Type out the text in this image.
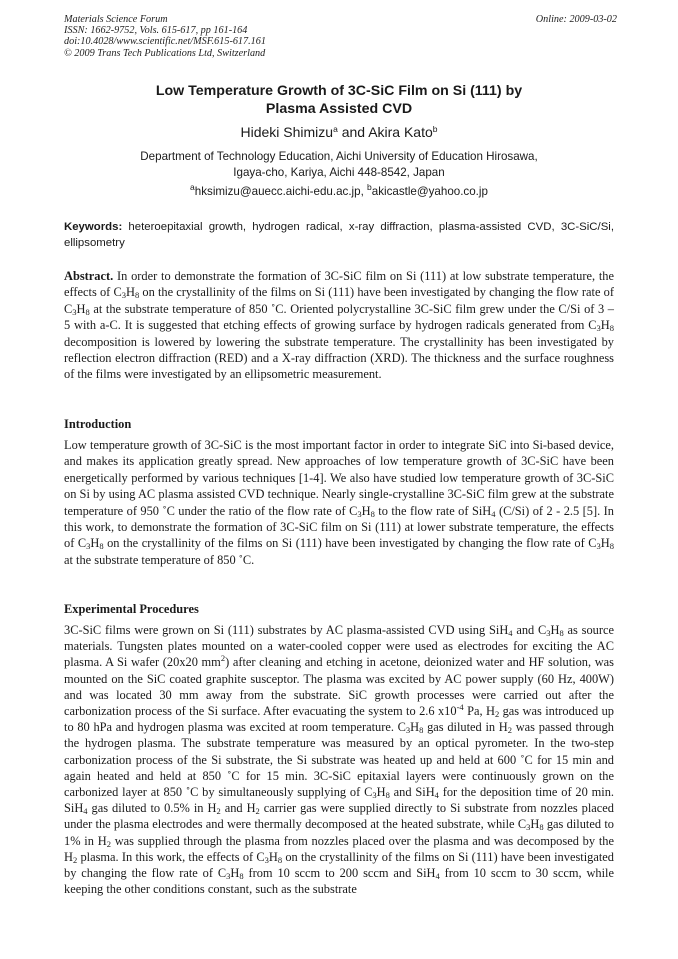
Materials Science Forum
ISSN: 1662-9752, Vols. 615-617, pp 161-164
doi:10.4028/www.scientific.net/MSF.615-617.161
© 2009 Trans Tech Publications Ltd, Switzerland
Online: 2009-03-02
Low Temperature Growth of 3C-SiC Film on Si (111) by
Plasma Assisted CVD
Hideki Shimizu$^a$ and Akira Kato$^b$
Department of Technology Education, Aichi University of Education Hirosawa,
Igaya-cho, Kariya, Aichi 448-8542, Japan
$^a$hksimizu@auecc.aichi-edu.ac.jp, $^b$akicastle@yahoo.co.jp
Keywords: heteroepitaxial growth, hydrogen radical, x-ray diffraction, plasma-assisted CVD, 3C-SiC/Si, ellipsometry
Abstract. In order to demonstrate the formation of 3C-SiC film on Si (111) at low substrate temperature, the effects of $C_3H_8$ on the crystallinity of the films on Si (111) have been investigated by changing the flow rate of $C_3H_8$ at the substrate temperature of 850 ˚C. Oriented polycrystalline 3C-SiC film grew under the C/Si of 3 – 5 with a-C. It is suggested that etching effects of growing surface by hydrogen radicals generated from $C_3H_8$ decomposition is lowered by lowering the substrate temperature. The crystallinity has been investigated by reflection electron diffraction (RED) and a X-ray diffraction (XRD). The thickness and the surface roughness of the films were investigated by an ellipsometric measurement.
Introduction
Low temperature growth of 3C-SiC is the most important factor in order to integrate SiC into Si-based device, and makes its application greatly spread. New approaches of low temperature growth of 3C-SiC have been energetically performed by various techniques [1-4]. We also have studied low temperature growth of 3C-SiC on Si by using AC plasma assisted CVD technique. Nearly single-crystalline 3C-SiC film grew at the substrate temperature of 950 ˚C under the ratio of the flow rate of $C_3H_8$ to the flow rate of SiH$_4$ (C/Si) of 2 - 2.5 [5]. In this work, to demonstrate the formation of 3C-SiC film on Si (111) at lower substrate temperature, the effects of $C_3H_8$ on the crystallinity of the films on Si (111) have been investigated by changing the flow rate of $C_3H_8$ at the substrate temperature of 850 ˚C.
Experimental Procedures
3C-SiC films were grown on Si (111) substrates by AC plasma-assisted CVD using SiH$_4$ and $C_3H_8$ as source materials. Tungsten plates mounted on a water-cooled copper were used as electrodes for exciting the AC plasma. A Si wafer (20x20 $mm^2$) after cleaning and etching in acetone, deionized water and HF solution, was mounted on the SiC coated graphite susceptor. The plasma was excited by AC power supply (60 Hz, 400W) and was located 30 mm away from the substrate. SiC growth processes were carried out after the carbonization process of the Si surface. After evacuating the system to 2.6 $x10^{-4}$ Pa, $H_2$ gas was introduced up to 80 hPa and hydrogen plasma was excited at room temperature. $C_3H_8$ gas diluted in $H_2$ was passed through the hydrogen plasma. The substrate temperature was measured by an optical pyrometer. In the two-step carbonization process of the Si substrate, the Si substrate was heated up and held at 600 ˚C for 15 min and again heated and held at 850 ˚C for 15 min. 3C-SiC epitaxial layers were continuously grown on the carbonized layer at 850 ˚C by simultaneously supplying of $C_3H_8$ and SiH$_4$ for the deposition time of 20 min. SiH$_4$ gas diluted to 0.5% in $H_2$ and $H_2$ carrier gas were supplied directly to Si substrate from nozzles placed under the plasma electrodes and were thermally decomposed at the heated substrate, while $C_3H_8$ gas diluted to 1% in $H_2$ was supplied through the plasma from nozzles placed over the plasma and was decomposed by the $H_2$ plasma. In this work, the effects of $C_3H_8$ on the crystallinity of the films on Si (111) have been investigated by changing the flow rate of $C_3H_8$ from 10 sccm to 200 sccm and SiH$_4$ from 10 sccm to 30 sccm, while keeping the other conditions constant, such as the substrate
